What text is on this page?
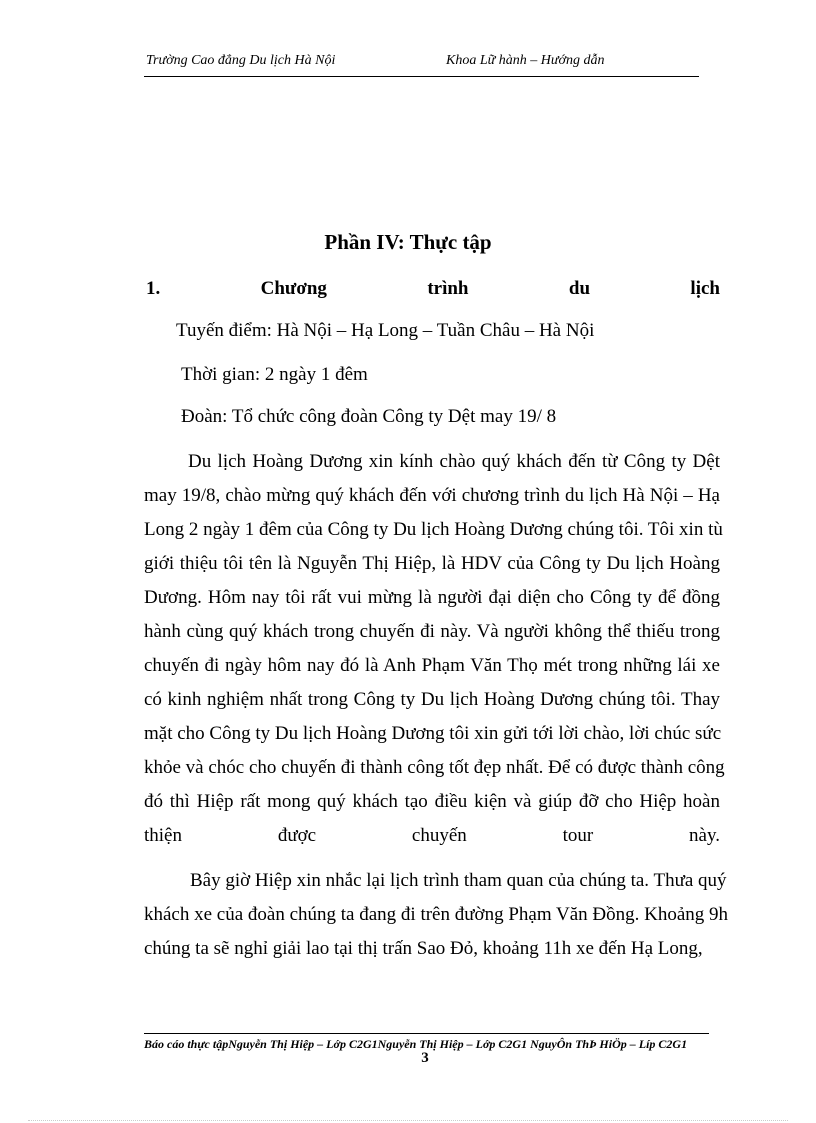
Trường Cao đẳng Du lịch Hà Nội	Khoa Lữ hành – Hướng dẫn
Phần IV: Thực tập
1.	Chương	trình	du	lịch
Tuyến điểm: Hà Nội – Hạ Long – Tuần Châu – Hà Nội
Thời gian: 2 ngày 1 đêm
Đoàn: Tổ chức công đoàn Công ty Dệt may 19/ 8
Du lịch Hoàng Dương xin kính chào quý khách đến từ Công ty Dệt
may 19/8, chào mừng quý khách đến với chương trình du lịch Hà Nội – Hạ
Long 2 ngày 1 đêm của Công ty Du lịch Hoàng Dương chúng tôi. Tôi xin tù
giới thiệu tôi tên là Nguyễn Thị Hiệp, là HDV của Công ty Du lịch Hoàng
Dương. Hôm nay tôi rất vui mừng là người đại diện cho Công ty để đồng
hành cùng quý khách trong chuyến đi này. Và người không thể thiếu trong
chuyến đi ngày hôm nay đó là Anh Phạm Văn Thọ mét trong những lái xe
có kinh nghiệm nhất trong Công ty Du lịch Hoàng Dương chúng tôi. Thay
mặt cho Công ty Du lịch Hoàng Dương tôi xin gửi tới lời chào, lời chúc sức
khỏe và chóc cho chuyến đi thành công tốt đẹp nhất. Để có được thành công
đó thì Hiệp rất mong quý khách tạo điều kiện và giúp đỡ cho Hiệp hoàn
thiện được chuyến tour này.
Bây giờ Hiệp xin nhắc lại lịch trình tham quan của chúng ta. Thưa quý
khách xe của đoàn chúng ta đang đi trên đường Phạm Văn Đồng. Khoảng 9h
chúng ta sẽ nghỉ giải lao tại thị trấn Sao Đỏ, khoảng 11h xe đến Hạ Long,
Báo cáo thực tậpNguyễn Thị Hiệp – Lớp C2G1Nguyễn Thị Hiệp – Lớp C2G1 NguyÔn ThÞ HiÖp – Líp C2G1
3
